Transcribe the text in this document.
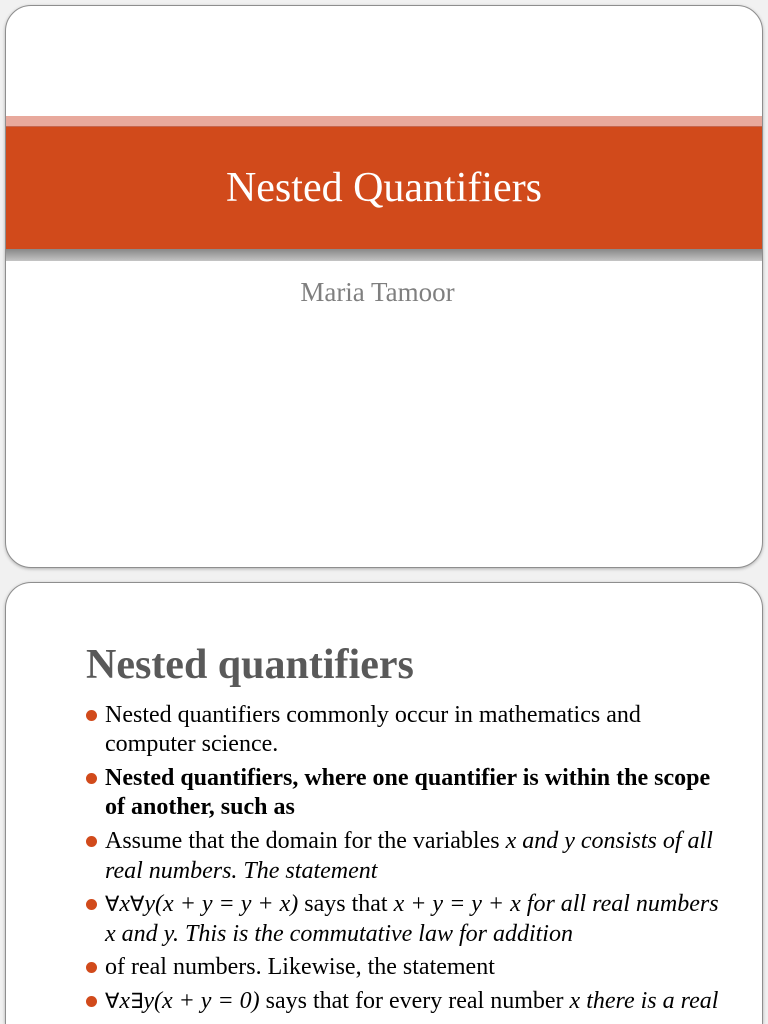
Nested Quantifiers
Maria Tamoor
Nested quantifiers
Nested quantifiers commonly occur in mathematics and
computer science.
Nested quantifiers, where one quantifier is within the scope
of another, such as
Assume that the domain for the variables x and y consists of all
real numbers. The statement
∀x∀y(x + y = y + x) says that x + y = y + x for all real numbers
x and y. This is the commutative law for addition
of real numbers. Likewise, the statement
∀x∃y(x + y = 0) says that for every real number x there is a real
